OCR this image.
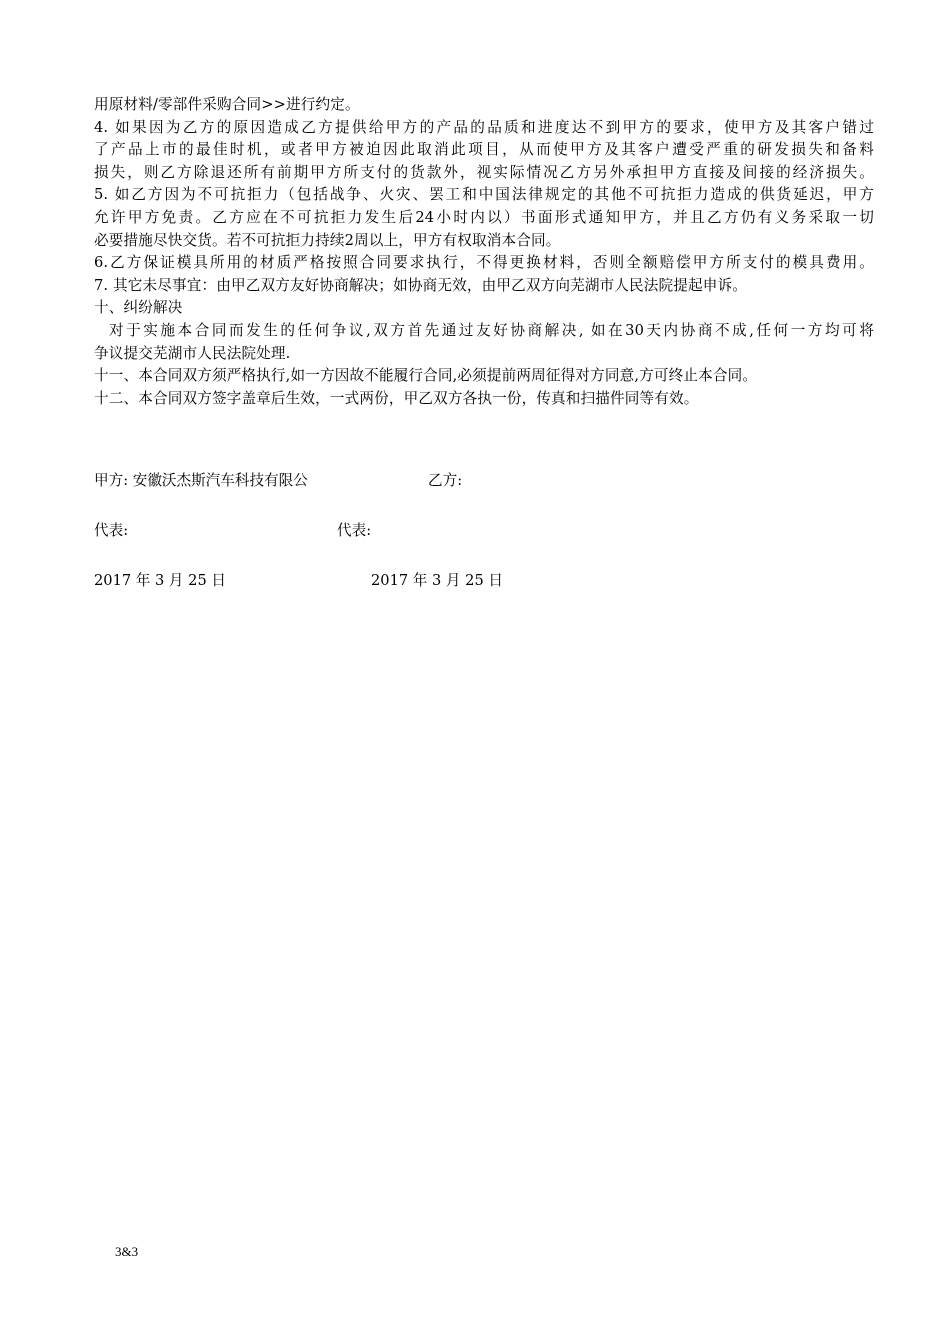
用原材料/零部件采购合同>>进行约定。
4. 如果因为乙方的原因造成乙方提供给甲方的产品的品质和进度达不到甲方的要求，使甲方及其客户错过
了产品上市的最佳时机，或者甲方被迫因此取消此项目，从而使甲方及其客户遭受严重的研发损失和备料
损失，则乙方除退还所有前期甲方所支付的货款外，视实际情况乙方另外承担甲方直接及间接的经济损失。
5. 如乙方因为不可抗拒力（包括战争、火灾、罢工和中国法律规定的其他不可抗拒力造成的供货延迟，甲方
允许甲方免责。乙方应在不可抗拒力发生后24小时内以）书面形式通知甲方，并且乙方仍有义务采取一切
必要措施尽快交货。若不可抗拒力持续2周以上，甲方有权取消本合同。
6.乙方保证模具所用的材质严格按照合同要求执行，不得更换材料，否则全额赔偿甲方所支付的模具费用。
7. 其它未尽事宜：由甲乙双方友好协商解决；如协商无效，由甲乙双方向芜湖市人民法院提起申诉。
十、纠纷解决
对于实施本合同而发生的任何争议,双方首先通过友好协商解决, 如在30天内协商不成,任何一方均可将
争议提交芜湖市人民法院处理.
十一、本合同双方须严格执行,如一方因故不能履行合同,必须提前两周征得对方同意,方可终止本合同。
十二、本合同双方签字盖章后生效，一式两份，甲乙双方各执一份，传真和扫描件同等有效。
甲方: 安徽沃杰斯汽车科技有限公	乙方:
代表:	代表:
2017 年 3 月 25 日	2017 年 3 月 25 日
3&3
